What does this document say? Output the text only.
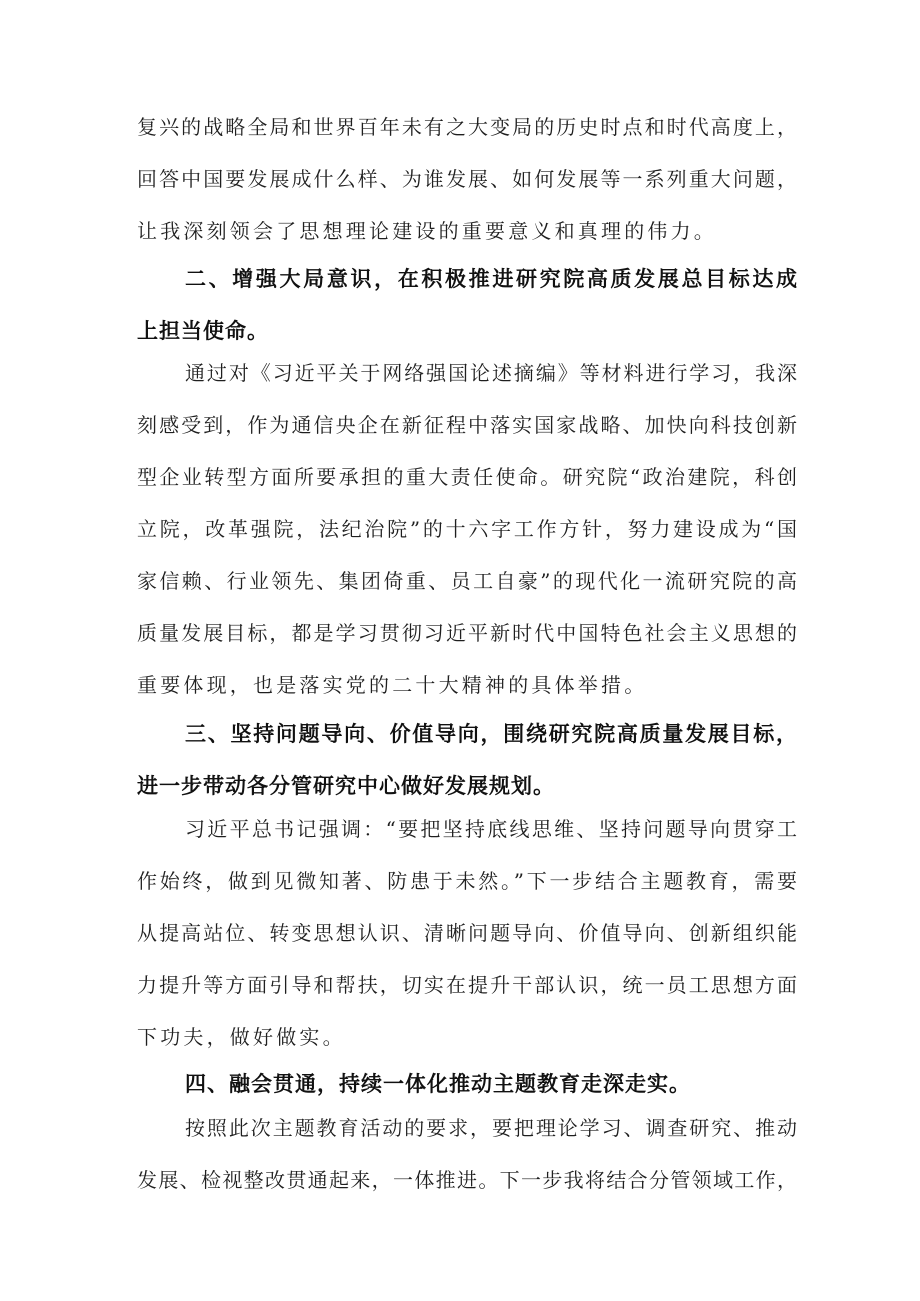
复兴的战略全局和世界百年未有之大变局的历史时点和时代高度上，
回答中国要发展成什么样、为谁发展、如何发展等一系列重大问题，
让我深刻领会了思想理论建设的重要意义和真理的伟力。
二、增强大局意识，在积极推进研究院高质发展总目标达成
上担当使命。
通过对《习近平关于网络强国论述摘编》等材料进行学习，我深
刻感受到，作为通信央企在新征程中落实国家战略、加快向科技创新
型企业转型方面所要承担的重大责任使命。研究院“政治建院，科创
立院，改革强院，法纪治院”的十六字工作方针，努力建设成为“国
家信赖、行业领先、集团倚重、员工自豪”的现代化一流研究院的高
质量发展目标，都是学习贯彻习近平新时代中国特色社会主义思想的
重要体现，也是落实党的二十大精神的具体举措。
三、坚持问题导向、价值导向，围绕研究院高质量发展目标，
进一步带动各分管研究中心做好发展规划。
习近平总书记强调：“要把坚持底线思维、坚持问题导向贯穿工
作始终，做到见微知著、防患于未然。”下一步结合主题教育，需要
从提高站位、转变思想认识、清晰问题导向、价值导向、创新组织能
力提升等方面引导和帮扶，切实在提升干部认识，统一员工思想方面
下功夫，做好做实。
四、融会贯通，持续一体化推动主题教育走深走实。
按照此次主题教育活动的要求，要把理论学习、调查研究、推动
发展、检视整改贯通起来，一体推进。下一步我将结合分管领域工作，
